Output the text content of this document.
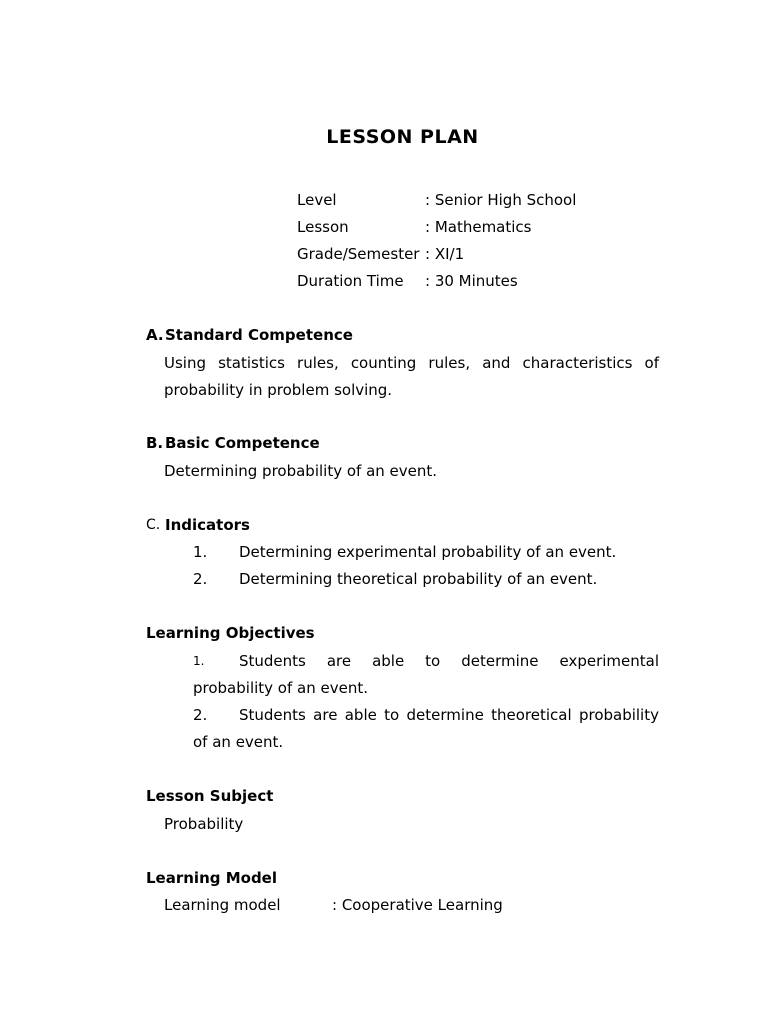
LESSON PLAN
Level	: Senior High School
Lesson	: Mathematics
Grade/Semester : XI/1
Duration Time : 30 Minutes
A. Standard Competence
Using statistics rules, counting rules, and characteristics of
probability in problem solving.
B. Basic Competence
Determining probability of an event.
C. Indicators
1. Determining experimental probability of an event.
2. Determining theoretical probability of an event.
Learning Objectives
1. Students are able to determine experimental
probability of an event.
2. Students are able to determine theoretical probability
of an event.
Lesson Subject
Probability
Learning Model
Learning model	: Cooperative Learning
